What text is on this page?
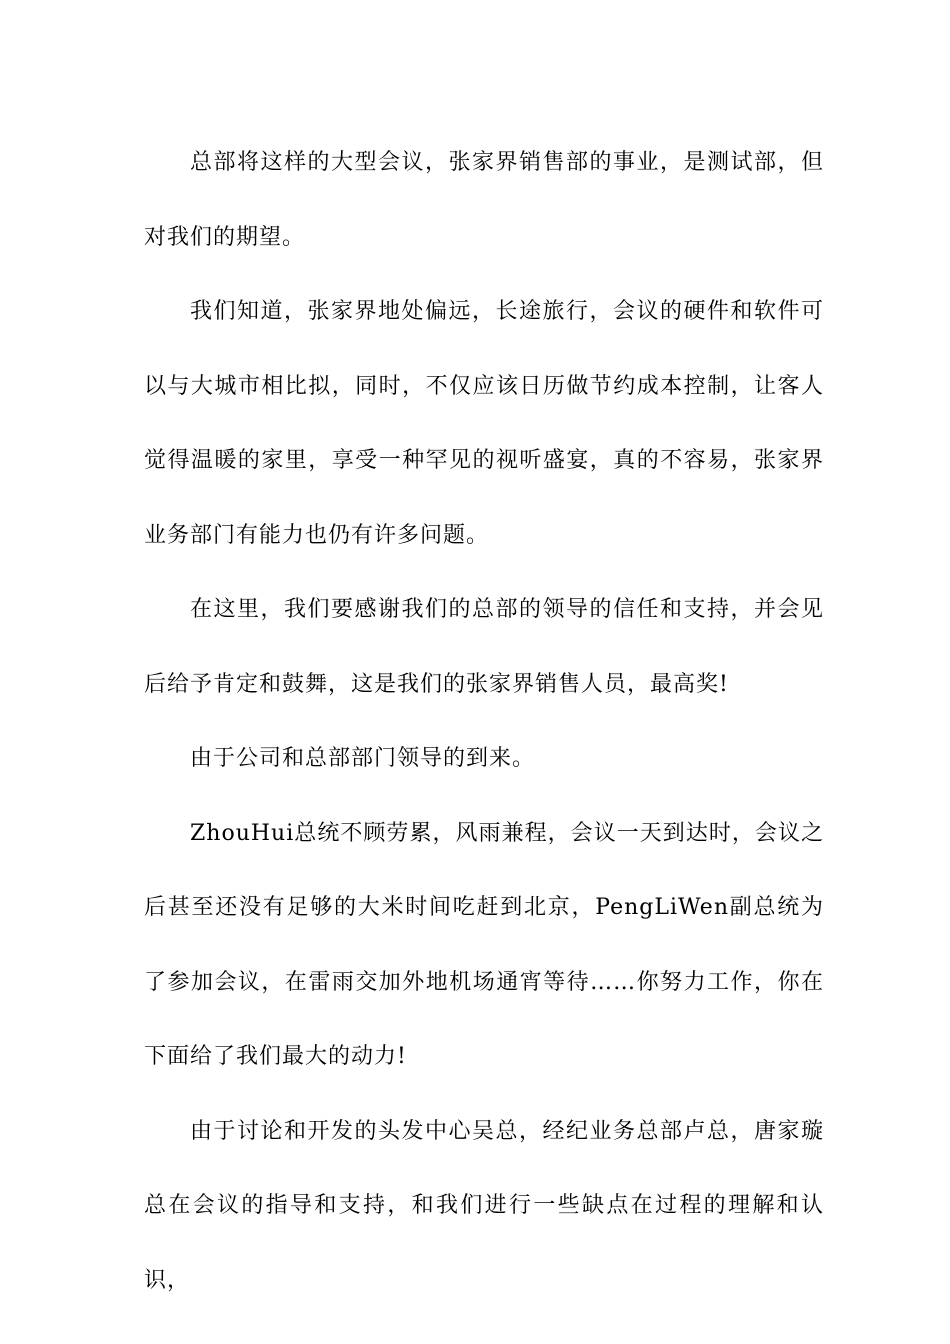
总部将这样的大型会议，张家界销售部的事业，是测试部，但对我们的期望。

我们知道，张家界地处偏远，长途旅行，会议的硬件和软件可以与大城市相比拟，同时，不仅应该日历做节约成本控制，让客人觉得温暖的家里，享受一种罕见的视听盛宴，真的不容易，张家界业务部门有能力也仍有许多问题。

在这里，我们要感谢我们的总部的领导的信任和支持，并会见后给予肯定和鼓舞，这是我们的张家界销售人员，最高奖!

由于公司和总部部门领导的到来。

ZhouHui总统不顾劳累，风雨兼程，会议一天到达时，会议之后甚至还没有足够的大米时间吃赶到北京，PengLiWen副总统为了参加会议，在雷雨交加外地机场通宵等待……你努力工作，你在下面给了我们最大的动力!

由于讨论和开发的头发中心吴总，经纪业务总部卢总，唐家璇总在会议的指导和支持，和我们进行一些缺点在过程的理解和认识，
